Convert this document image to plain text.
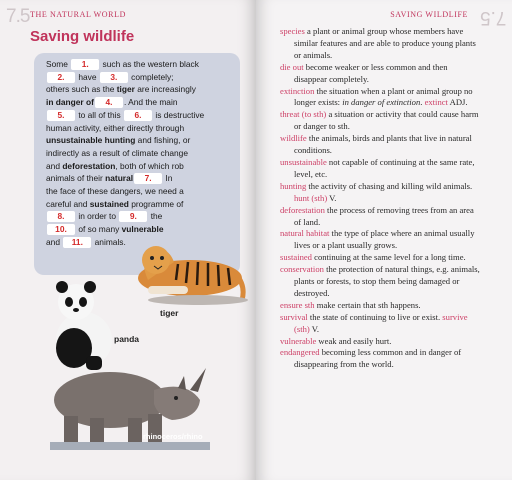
7.5 THE NATURAL WORLD
Saving wildlife
Some 1. such as the western black
2. have 3. completely;
others such as the tiger are increasingly
in danger of 4. . And the main
5. to all of this 6. is destructive
human activity, either directly through
unsustainable hunting and fishing, or
indirectly as a result of climate change
and deforestation, both of which rob
animals of their natural 7. In
the face of these dangers, we need a
careful and sustained programme of
8. in order to 9. the
10. of so many vulnerable
and 11. animals.
tiger
panda
rhinoceros/rhino
SAVING WILDLIFE 7.5
species a plant or animal group whose members have similar features and are able to produce young plants or animals.
die out become weaker or less common and then disappear completely.
extinction the situation when a plant or animal group no longer exists: in danger of extinction. extinct ADJ.
threat (to sth) a situation or activity that could cause harm or danger to sth.
wildlife the animals, birds and plants that live in natural conditions.
unsustainable not capable of continuing at the same rate, level, etc.
hunting the activity of chasing and killing wild animals. hunt (sth) V.
deforestation the process of removing trees from an area of land.
natural habitat the type of place where an animal usually lives or a plant usually grows.
sustained continuing at the same level for a long time.
conservation the protection of natural things, e.g. animals, plants or forests, to stop them being damaged or destroyed.
ensure sth make certain that sth happens.
survival the state of continuing to live or exist. survive (sth) V.
vulnerable weak and easily hurt.
endangered becoming less common and in danger of disappearing from the world.
